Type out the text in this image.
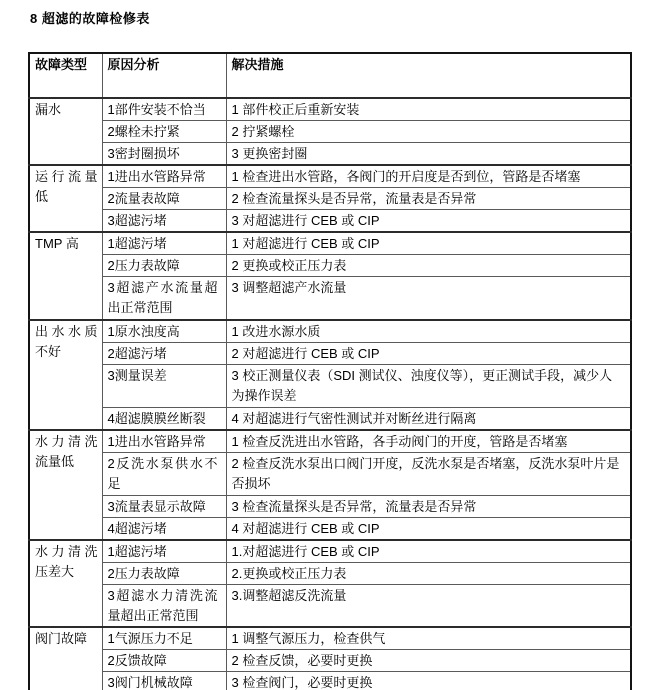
8 超滤的故障检修表
故障类型	原因分析	解决措施
漏水	1部件安装不恰当	1 部件校正后重新安装
	2螺栓未拧紧	2 拧紧螺栓
	3密封圈损坏	3 更换密封圈
运行流量低	1进出水管路异常	1 检查进出水管路，各阀门的开启度是否到位，管路是否堵塞
	2流量表故障	2 检查流量探头是否异常，流量表是否异常
	3超滤污堵	3 对超滤进行 CEB 或 CIP
TMP 高	1超滤污堵	1 对超滤进行 CEB 或 CIP
	2压力表故障	2 更换或校正压力表
	3超滤产水流量超出正常范围	3 调整超滤产水流量
出水水质不好	1原水浊度高	1 改进水源水质
	2超滤污堵	2 对超滤进行 CEB 或 CIP
	3测量误差	3 校正测量仪表（SDI 测试仪、浊度仪等），更正测试手段，减少人为操作误差
	4超滤膜膜丝断裂	4 对超滤进行气密性测试并对断丝进行隔离
水力清洗流量低	1进出水管路异常	1 检查反洗进出水管路，各手动阀门的开度，管路是否堵塞
	2反洗水泵供水不足	2 检查反洗水泵出口阀门开度，反洗水泵是否堵塞，反洗水泵叶片是否损坏
	3流量表显示故障	3 检查流量探头是否异常，流量表是否异常
	4超滤污堵	4 对超滤进行 CEB 或 CIP
水力清洗压差大	1超滤污堵	1.对超滤进行 CEB 或 CIP
	2压力表故障	2.更换或校正压力表
	3超滤水力清洗流量超出正常范围	3.调整超滤反洗流量
阀门故障	1气源压力不足	1 调整气源压力，检查供气
	2反馈故障	2 检查反馈，必要时更换
	3阀门机械故障	3 检查阀门，必要时更换
